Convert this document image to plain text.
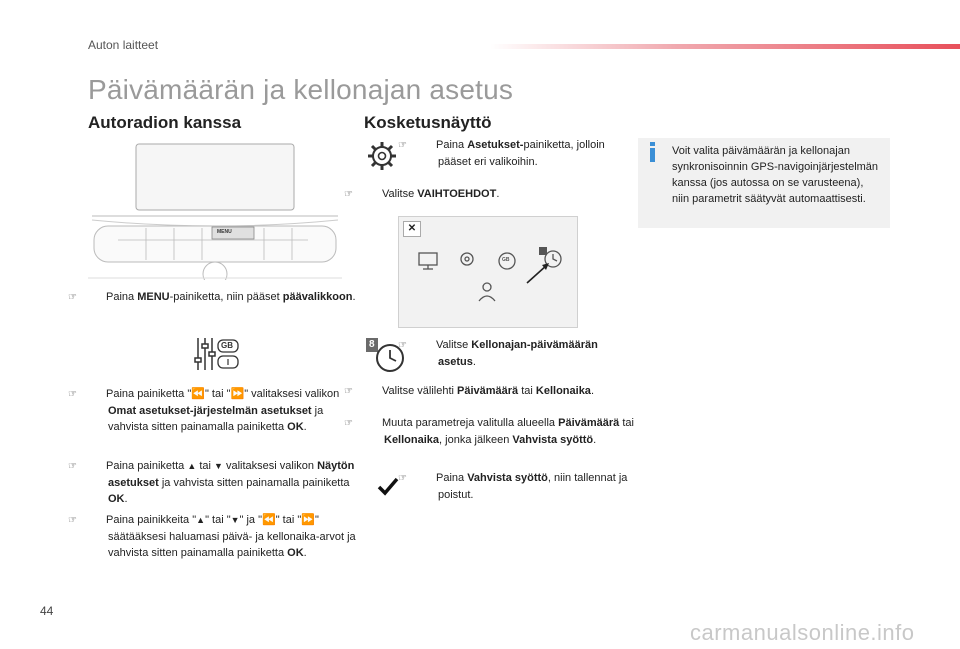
Auton laitteet
Päivämäärän ja kellonajan asetus
Autoradion kanssa
MENU
☞	Paina MENU-painiketta, niin pääset päävalikkoon.
GB
☞	Paina painiketta "⏪" tai "⏩" valitaksesi valikon Omat asetukset-järjestelmän asetukset ja vahvista sitten painamalla painiketta OK.
☞	Paina painiketta ▲ tai ▼ valitaksesi valikon Näytön asetukset ja vahvista sitten painamalla painiketta OK.
☞	Paina painikkeita "▲" tai "▼" ja "⏪" tai "⏩" säätääksesi haluamasi päivä- ja kellonaika-arvot ja vahvista sitten painamalla painiketta OK.
Kosketusnäyttö
☞	Paina Asetukset-painiketta, jolloin pääset eri valikoihin.
☞	Valitse VAIHTOEHDOT.
✕
GB
8 ☞	Valitse Kellonajan-päivämäärän asetus.
☞	Valitse välilehti Päivämäärä tai Kellonaika.
☞	Muuta parametreja valitulla alueella Päivämäärä tai Kellonaika, jonka jälkeen Vahvista syöttö.
☞	Paina Vahvista syöttö, niin tallennat ja poistut.
Voit valita päivämäärän ja kellonajan synkronisoinnin GPS-navigoinjärjestelmän kanssa (jos autossa on se varusteena), niin parametrit säätyvät automaattisesti.
44
carmanualsonline.info
